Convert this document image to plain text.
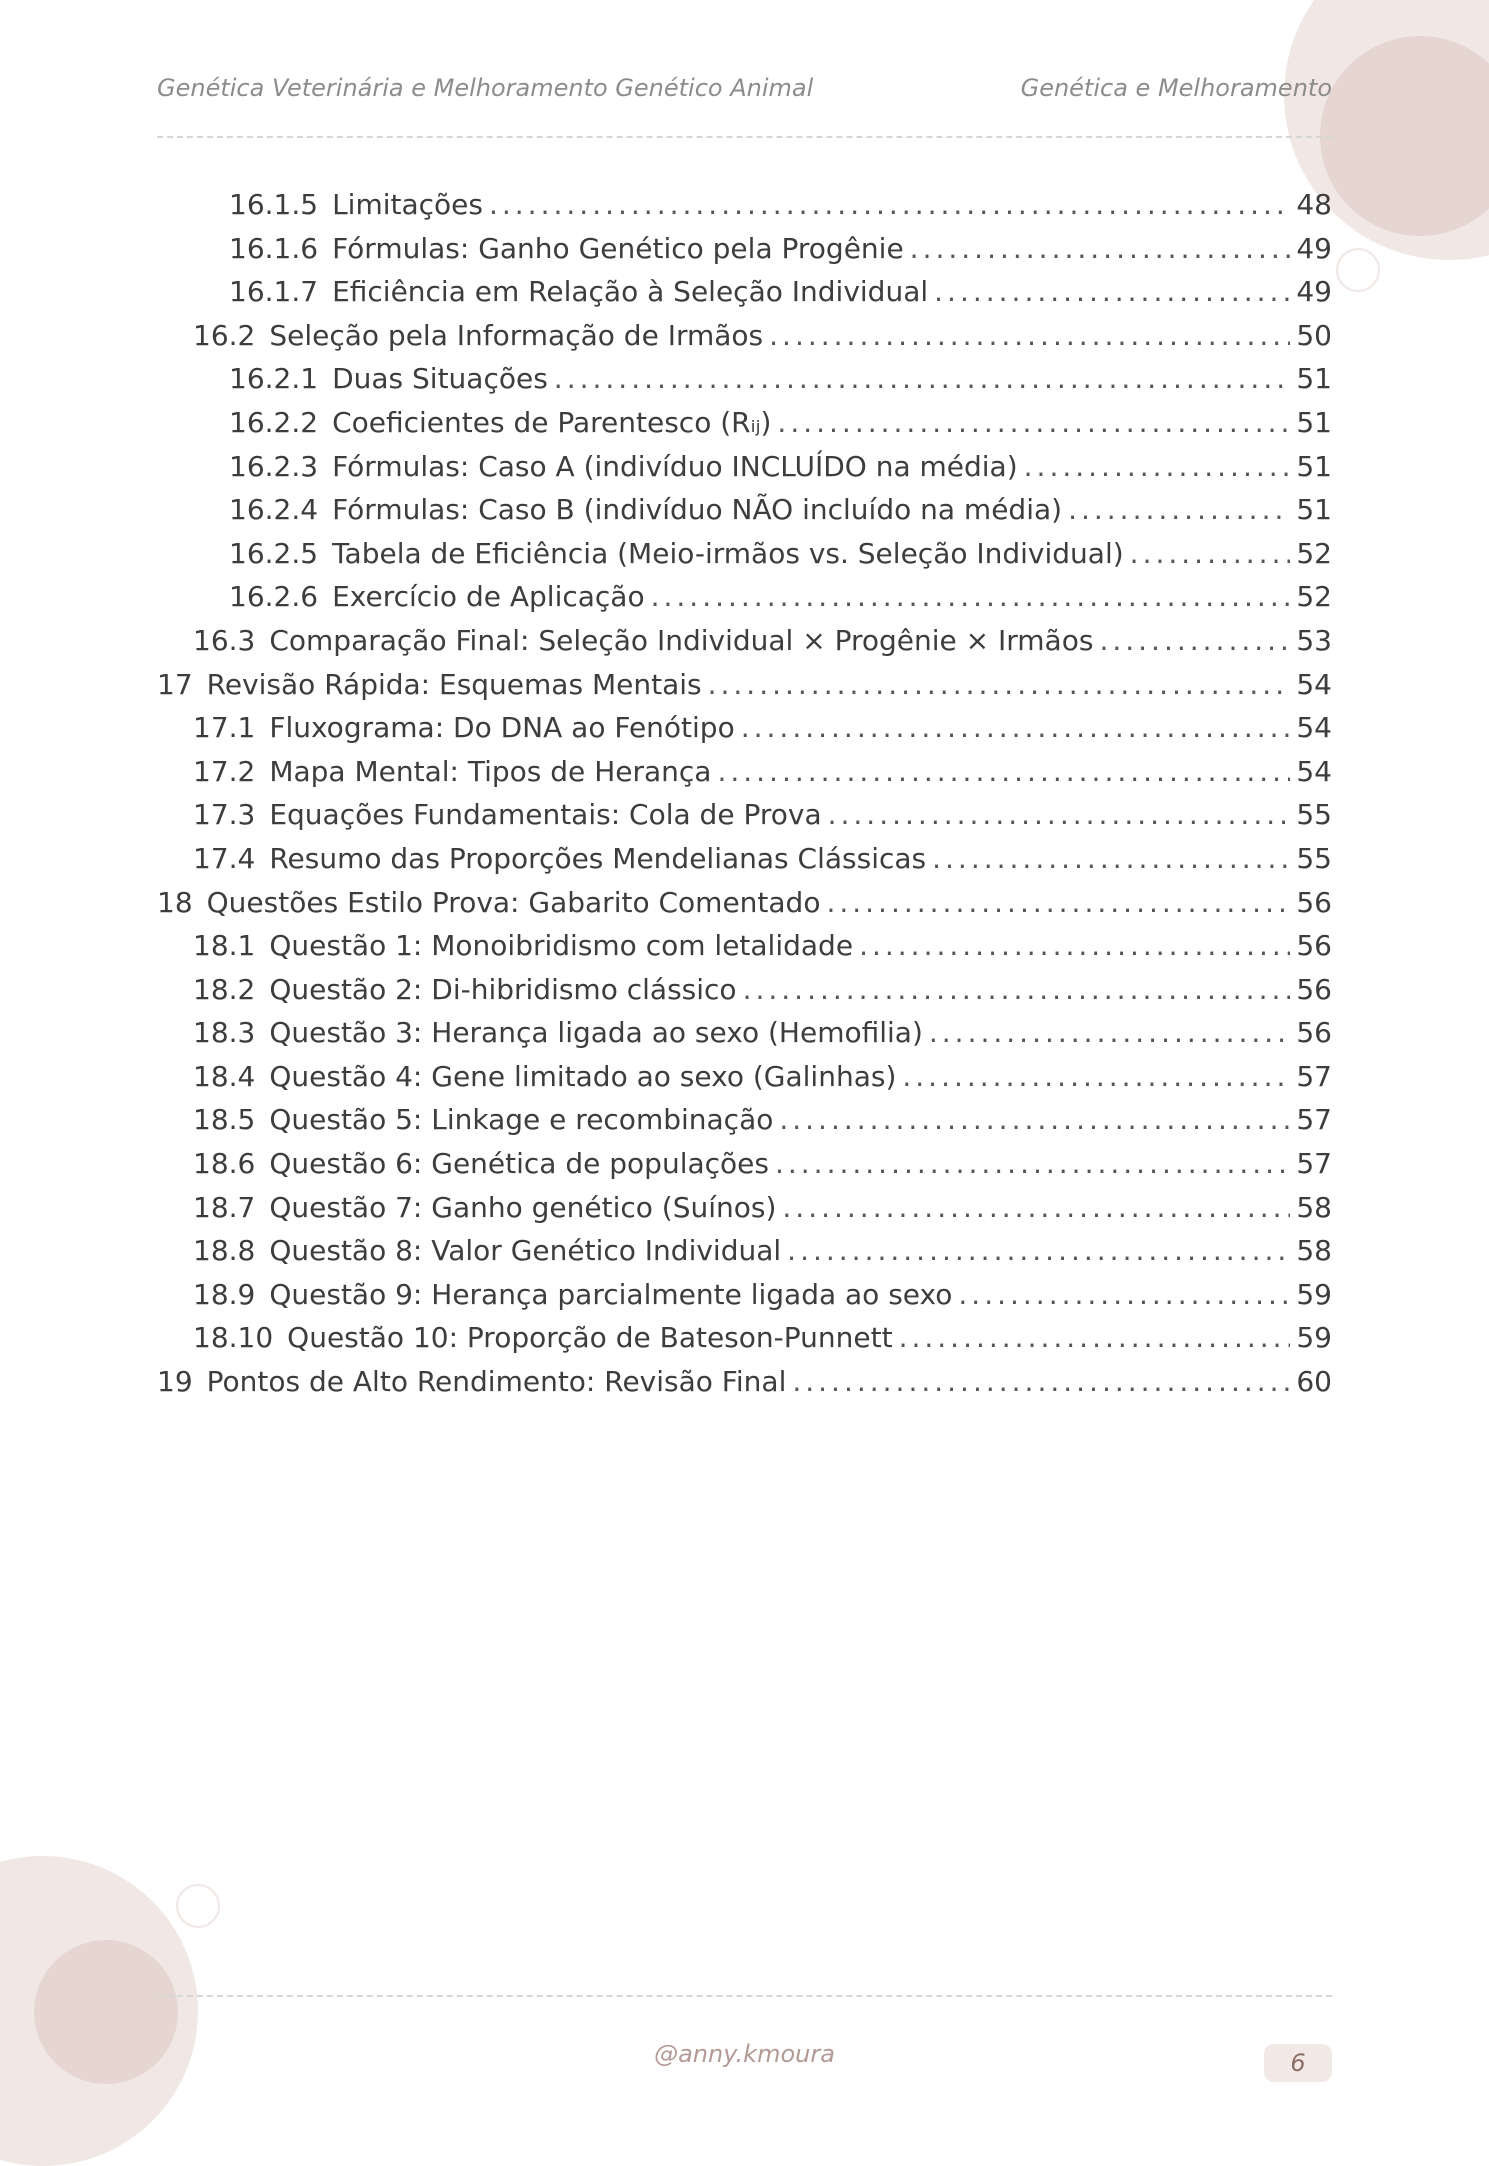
Genética Veterinária e Melhoramento Genético Animal	Genética e Melhoramento
16.1.5 Limitações .....	48
16.1.6 Fórmulas: Ganho Genético pela Progênie .....	49
16.1.7 Eficiência em Relação à Seleção Individual .....	49
16.2 Seleção pela Informação de Irmãos .....	50
16.2.1 Duas Situações .....	51
16.2.2 Coeficientes de Parentesco (Rᵢⱼ) .....	51
16.2.3 Fórmulas: Caso A (indivíduo INCLUÍDO na média) .....	51
16.2.4 Fórmulas: Caso B (indivíduo NÃO incluído na média) .....	51
16.2.5 Tabela de Eficiência (Meio-irmãos vs. Seleção Individual) .....	52
16.2.6 Exercício de Aplicação .....	52
16.3 Comparação Final: Seleção Individual × Progênie × Irmãos .....	53
17 Revisão Rápida: Esquemas Mentais .....	54
17.1 Fluxograma: Do DNA ao Fenótipo .....	54
17.2 Mapa Mental: Tipos de Herança .....	54
17.3 Equações Fundamentais: Cola de Prova .....	55
17.4 Resumo das Proporções Mendelianas Clássicas .....	55
18 Questões Estilo Prova: Gabarito Comentado .....	56
18.1 Questão 1: Monoibridismo com letalidade .....	56
18.2 Questão 2: Di-hibridismo clássico .....	56
18.3 Questão 3: Herança ligada ao sexo (Hemofilia) .....	56
18.4 Questão 4: Gene limitado ao sexo (Galinhas) .....	57
18.5 Questão 5: Linkage e recombinação .....	57
18.6 Questão 6: Genética de populações .....	57
18.7 Questão 7: Ganho genético (Suínos) .....	58
18.8 Questão 8: Valor Genético Individual .....	58
18.9 Questão 9: Herança parcialmente ligada ao sexo .....	59
18.10 Questão 10: Proporção de Bateson-Punnett .....	59
19 Pontos de Alto Rendimento: Revisão Final .....	60
@anny.kmoura	6
